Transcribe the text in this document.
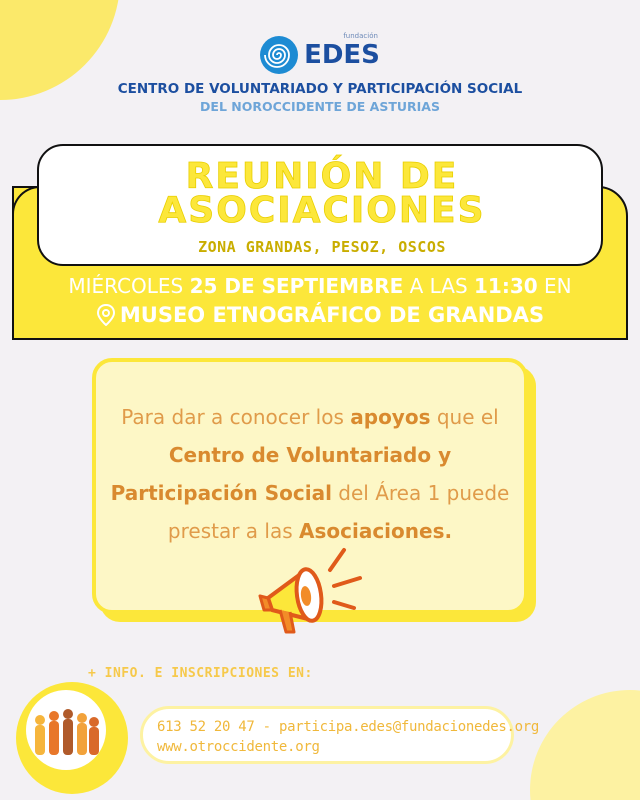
EDES
fundación
CENTRO DE VOLUNTARIADO Y PARTICIPACIÓN SOCIAL
DEL NOROCCIDENTE DE ASTURIAS
REUNIÓN DE
ASOCIACIONES
ZONA GRANDAS, PESOZ, OSCOS
MIÉRCOLES 25 DE SEPTIEMBRE A LAS 11:30 EN
MUSEO ETNOGRÁFICO DE GRANDAS
Para dar a conocer los apoyos que el Centro de Voluntariado y Participación Social del Área 1 puede prestar a las Asociaciones.
+ INFO. E INSCRIPCIONES EN:
613 52 20 47 - participa.edes@fundacionedes.org
www.otroccidente.org
